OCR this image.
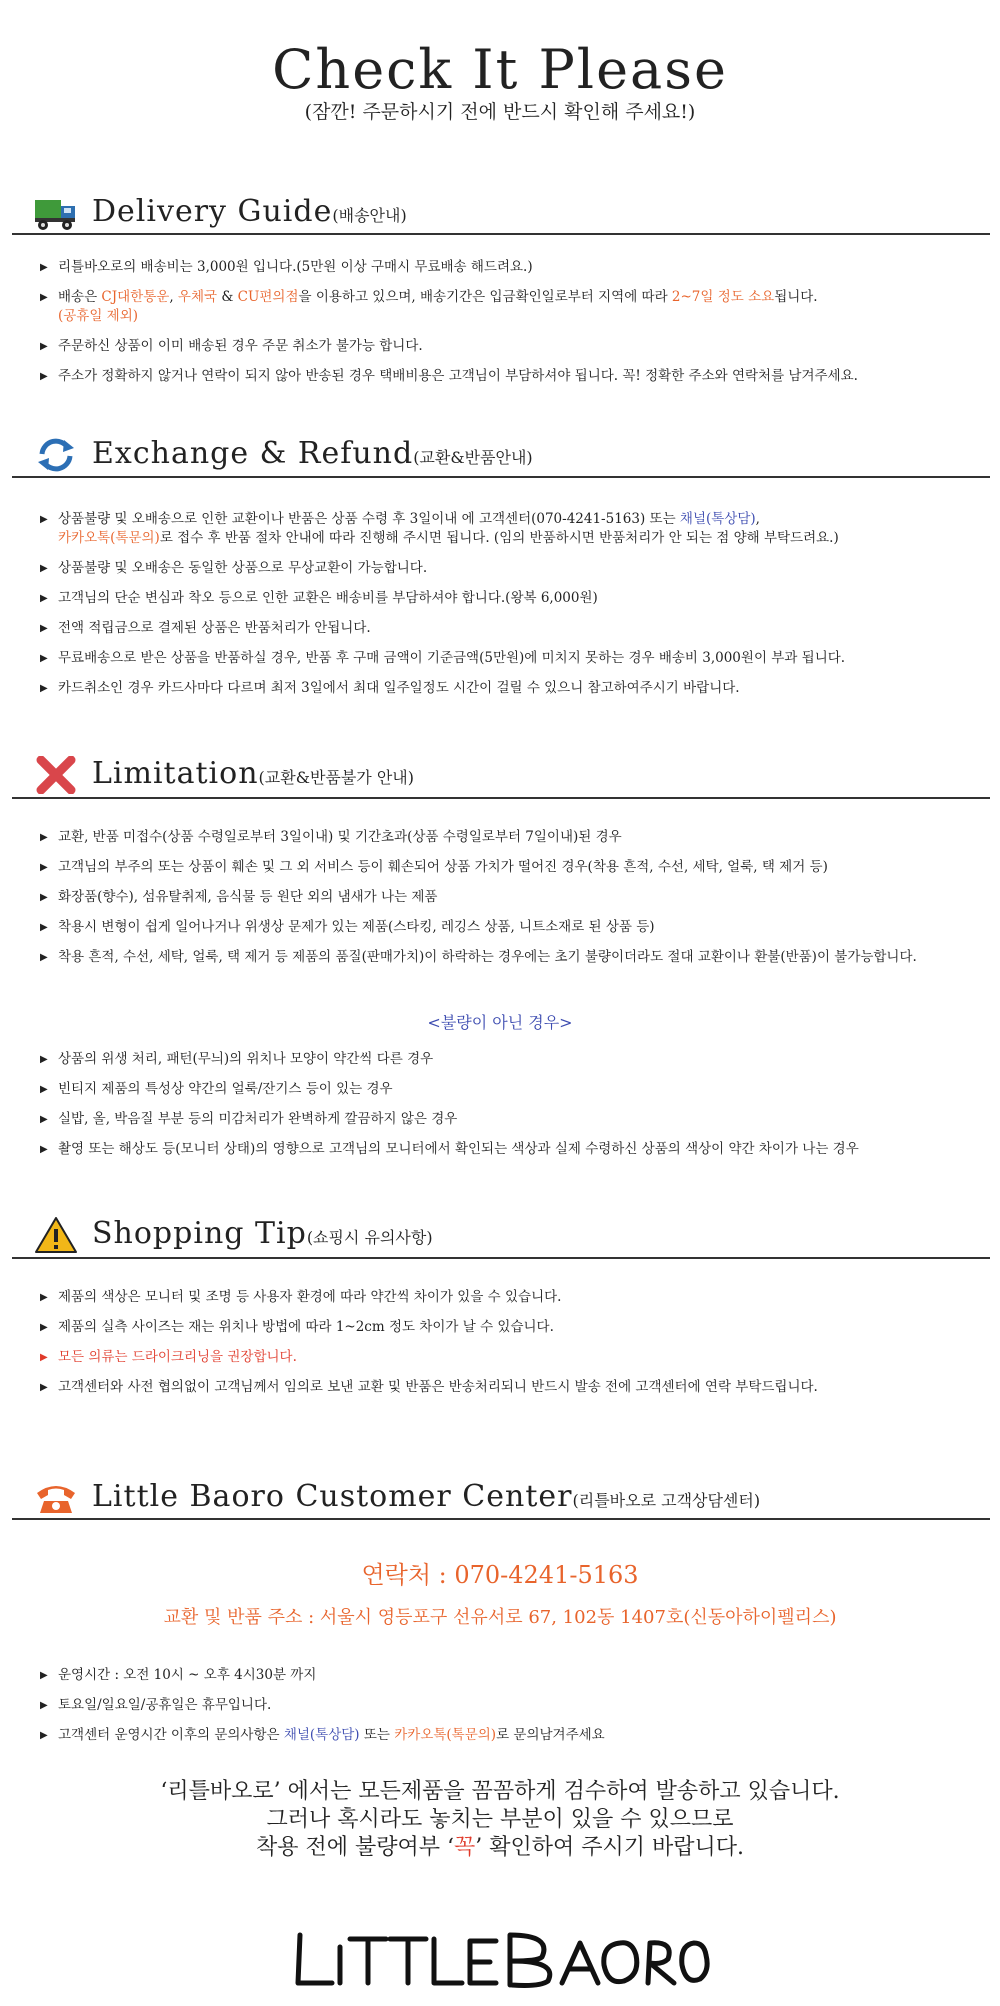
Check It Please
(잠깐! 주문하시기 전에 반드시 확인해 주세요!)
Delivery Guide(배송안내)
▶ 리틀바오로의 배송비는 3,000원 입니다.(5만원 이상 구매시 무료배송 해드려요.)
▶ 배송은 CJ대한통운, 우체국 & CU편의점을 이용하고 있으며, 배송기간은 입금확인일로부터 지역에 따라 2~7일 정도 소요됩니다.
(공휴일 제외)
▶ 주문하신 상품이 이미 배송된 경우 주문 취소가 불가능 합니다.
▶ 주소가 정확하지 않거나 연락이 되지 않아 반송된 경우 택배비용은 고객님이 부담하셔야 됩니다. 꼭! 정확한 주소와 연락처를 남겨주세요.
Exchange & Refund(교환&반품안내)
▶ 상품불량 및 오배송으로 인한 교환이나 반품은 상품 수령 후 3일이내 에 고객센터(070-4241-5163) 또는 채널(톡상담),
카카오톡(톡문의)로 접수 후 반품 절차 안내에 따라 진행해 주시면 됩니다. (임의 반품하시면 반품처리가 안 되는 점 양해 부탁드려요.)
▶ 상품불량 및 오배송은 동일한 상품으로 무상교환이 가능합니다.
▶ 고객님의 단순 변심과 착오 등으로 인한 교환은 배송비를 부담하셔야 합니다.(왕복 6,000원)
▶ 전액 적립금으로 결제된 상품은 반품처리가 안됩니다.
▶ 무료배송으로 받은 상품을 반품하실 경우, 반품 후 구매 금액이 기준금액(5만원)에 미치지 못하는 경우 배송비 3,000원이 부과 됩니다.
▶ 카드취소인 경우 카드사마다 다르며 최저 3일에서 최대 일주일정도 시간이 걸릴 수 있으니 참고하여주시기 바랍니다.
Limitation(교환&반품불가 안내)
▶ 교환, 반품 미접수(상품 수령일로부터 3일이내) 및 기간초과(상품 수령일로부터 7일이내)된 경우
▶ 고객님의 부주의 또는 상품이 훼손 및 그 외 서비스 등이 훼손되어 상품 가치가 떨어진 경우(착용 흔적, 수선, 세탁, 얼룩, 택 제거 등)
▶ 화장품(향수), 섬유탈취제, 음식물 등 원단 외의 냄새가 나는 제품
▶ 착용시 변형이 쉽게 일어나거나 위생상 문제가 있는 제품(스타킹, 레깅스 상품, 니트소재로 된 상품 등)
▶ 착용 흔적, 수선, 세탁, 얼룩, 택 제거 등 제품의 품질(판매가치)이 하락하는 경우에는 초기 불량이더라도 절대 교환이나 환불(반품)이 불가능합니다.
<불량이 아닌 경우>
▶ 상품의 위생 처리, 패턴(무늬)의 위치나 모양이 약간씩 다른 경우
▶ 빈티지 제품의 특성상 약간의 얼룩/잔기스 등이 있는 경우
▶ 실밥, 올, 박음질 부분 등의 미감처리가 완벽하게 깔끔하지 않은 경우
▶ 촬영 또는 해상도 등(모니터 상태)의 영향으로 고객님의 모니터에서 확인되는 색상과 실제 수령하신 상품의 색상이 약간 차이가 나는 경우
Shopping Tip(쇼핑시 유의사항)
▶ 제품의 색상은 모니터 및 조명 등 사용자 환경에 따라 약간씩 차이가 있을 수 있습니다.
▶ 제품의 실측 사이즈는 재는 위치나 방법에 따라 1~2cm 정도 차이가 날 수 있습니다.
▶ 모든 의류는 드라이크리닝을 권장합니다.
▶ 고객센터와 사전 협의없이 고객님께서 임의로 보낸 교환 및 반품은 반송처리되니 반드시 발송 전에 고객센터에 연락 부탁드립니다.
Little Baoro Customer Center(리틀바오로 고객상담센터)
연락처 : 070-4241-5163
교환 및 반품 주소 : 서울시 영등포구 선유서로 67, 102동 1407호(신동아하이펠리스)
▶ 운영시간 : 오전 10시 ~ 오후 4시30분 까지
▶ 토요일/일요일/공휴일은 휴무입니다.
▶ 고객센터 운영시간 이후의 문의사항은 채널(톡상담) 또는 카카오톡(톡문의)로 문의남겨주세요
‘리틀바오로’ 에서는 모든제품을 꼼꼼하게 검수하여 발송하고 있습니다.
그러나 혹시라도 놓치는 부분이 있을 수 있으므로
착용 전에 불량여부 ‘꼭’ 확인하여 주시기 바랍니다.
